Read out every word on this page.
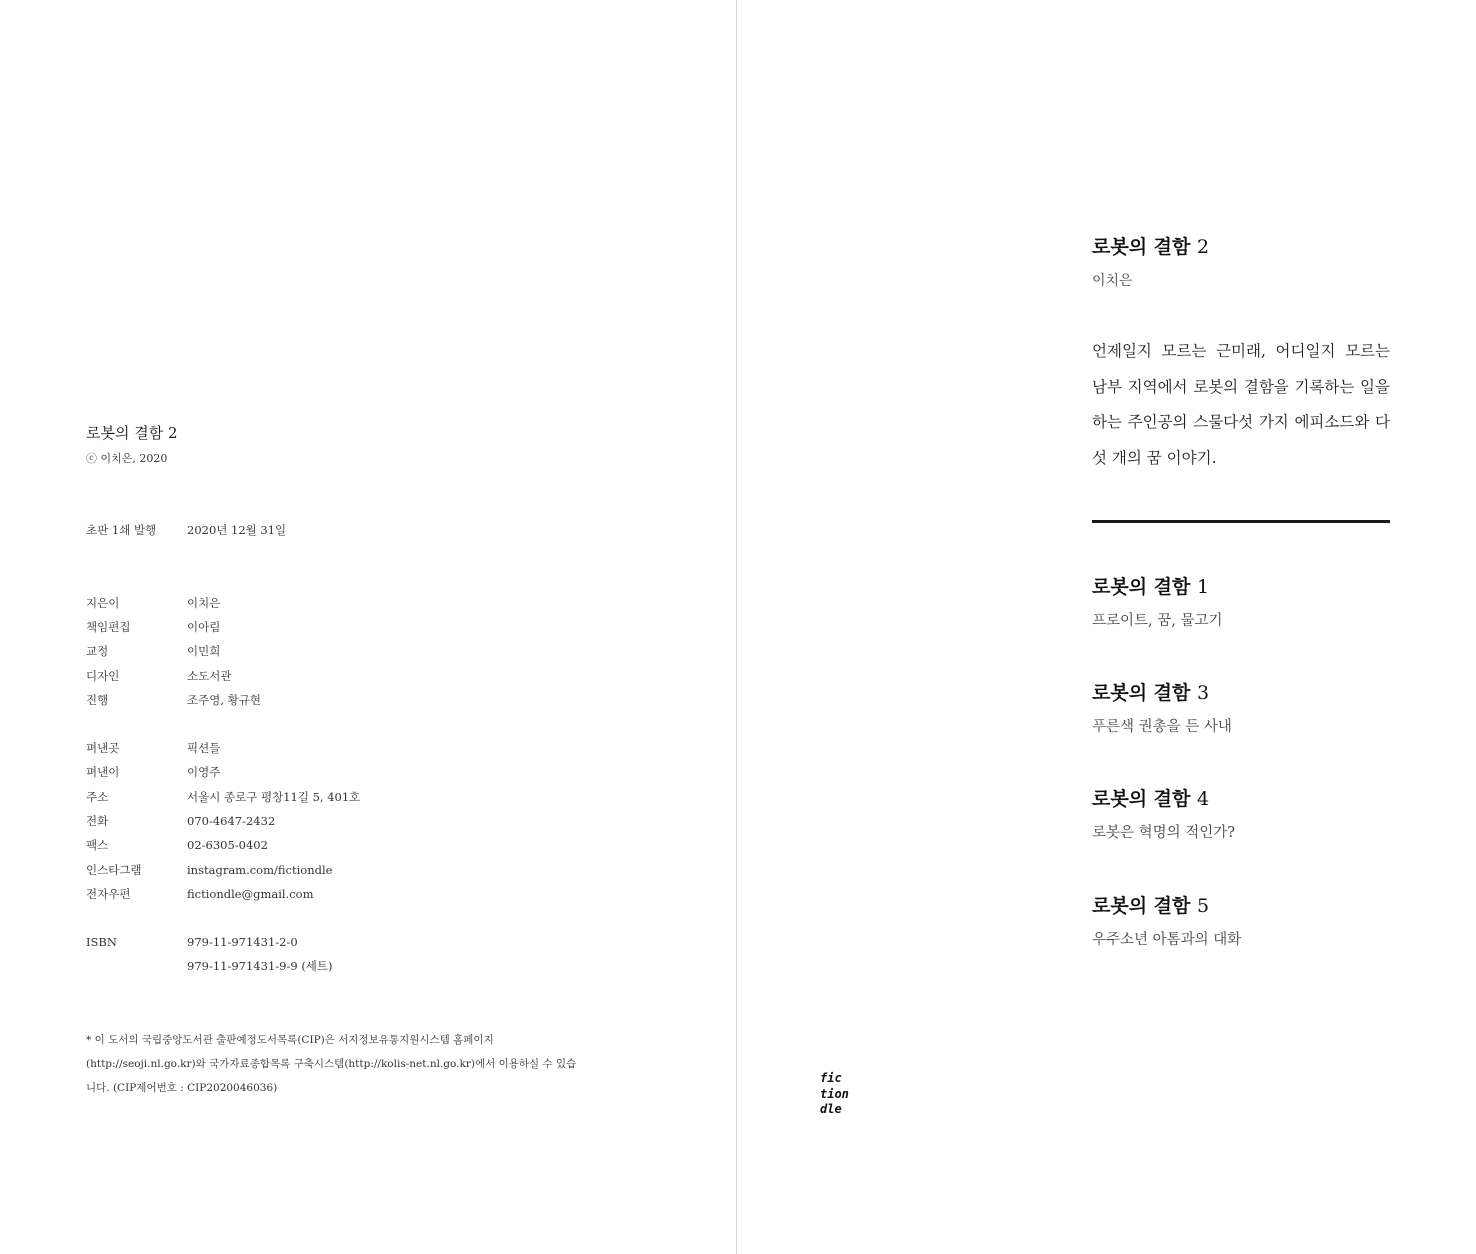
로봇의 결함 2
ⓒ 이치은, 2020
초판 1쇄 발행	2020년 12월 31일
지은이	이치은
책임편집	이아림
교정	이민희
디자인	소도서관
진행	조주영, 황규현
펴낸곳	픽션들
펴낸이	이영주
주소	서울시 종로구 평창11길 5, 401호
전화	070-4647-2432
팩스	02-6305-0402
인스타그램	instagram.com/fictiondle
전자우편	fictiondle@gmail.com
ISBN	979-11-971431-2-0
979-11-971431-9-9 (세트)
* 이 도서의 국립중앙도서관 출판예정도서목록(CIP)은 서지정보유통지원시스템 홈페이지(http://seoji.nl.go.kr)와 국가자료종합목록 구축시스템(http://kolis-net.nl.go.kr)에서 이용하실 수 있습니다. (CIP제어번호 : CIP2020046036)
로봇의 결함 2
이치은
언제일지 모르는 근미래, 어디일지 모르는 남부 지역에서 로봇의 결함을 기록하는 일을 하는 주인공의 스물다섯 가지 에피소드와 다섯 개의 꿈 이야기.
로봇의 결함 1
프로이트, 꿈, 물고기
로봇의 결함 3
푸른색 권총을 든 사내
로봇의 결함 4
로봇은 혁명의 적인가?
로봇의 결함 5
우주소년 아톰과의 대화
fic
tion
dle
